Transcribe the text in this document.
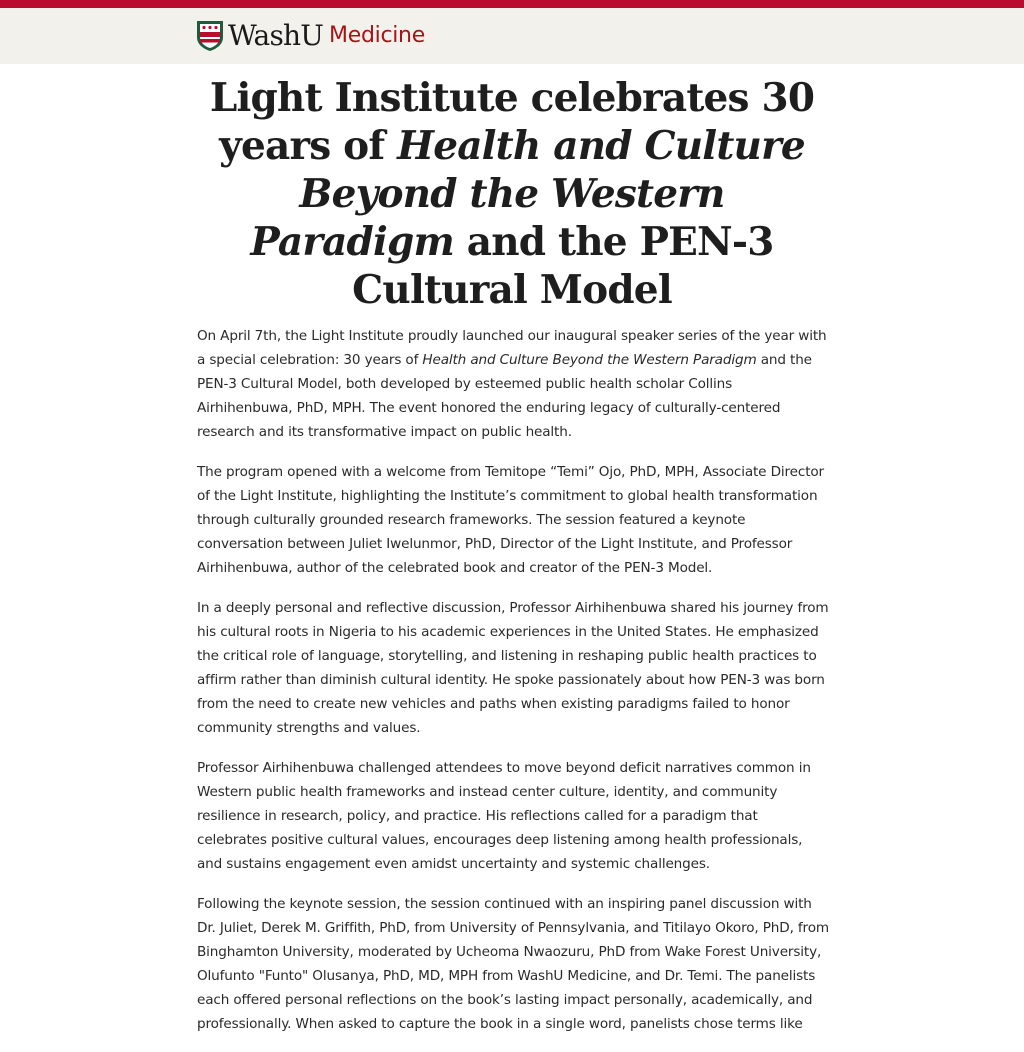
WashU Medicine
Light Institute celebrates 30 years of Health and Culture Beyond the Western Paradigm and the PEN-3 Cultural Model

On April 7th, the Light Institute proudly launched our inaugural speaker series of the year with a special celebration: 30 years of Health and Culture Beyond the Western Paradigm and the PEN-3 Cultural Model, both developed by esteemed public health scholar Collins Airhihenbuwa, PhD, MPH. The event honored the enduring legacy of culturally-centered research and its transformative impact on public health.

The program opened with a welcome from Temitope “Temi” Ojo, PhD, MPH, Associate Director of the Light Institute, highlighting the Institute’s commitment to global health transformation through culturally grounded research frameworks. The session featured a keynote conversation between Juliet Iwelunmor, PhD, Director of the Light Institute, and Professor Airhihenbuwa, author of the celebrated book and creator of the PEN-3 Model.

In a deeply personal and reflective discussion, Professor Airhihenbuwa shared his journey from his cultural roots in Nigeria to his academic experiences in the United States. He emphasized the critical role of language, storytelling, and listening in reshaping public health practices to affirm rather than diminish cultural identity. He spoke passionately about how PEN-3 was born from the need to create new vehicles and paths when existing paradigms failed to honor community strengths and values.

Professor Airhihenbuwa challenged attendees to move beyond deficit narratives common in Western public health frameworks and instead center culture, identity, and community resilience in research, policy, and practice. His reflections called for a paradigm that celebrates positive cultural values, encourages deep listening among health professionals, and sustains engagement even amidst uncertainty and systemic challenges.

Following the keynote session, the session continued with an inspiring panel discussion with Dr. Juliet, Derek M. Griffith, PhD, from University of Pennsylvania, and Titilayo Okoro, PhD, from Binghamton University, moderated by Ucheoma Nwaozuru, PhD from Wake Forest University, Olufunto "Funto" Olusanya, PhD, MD, MPH from WashU Medicine, and Dr. Temi. The panelists each offered personal reflections on the book’s lasting impact personally, academically, and professionally. When asked to capture the book in a single word, panelists chose terms like
